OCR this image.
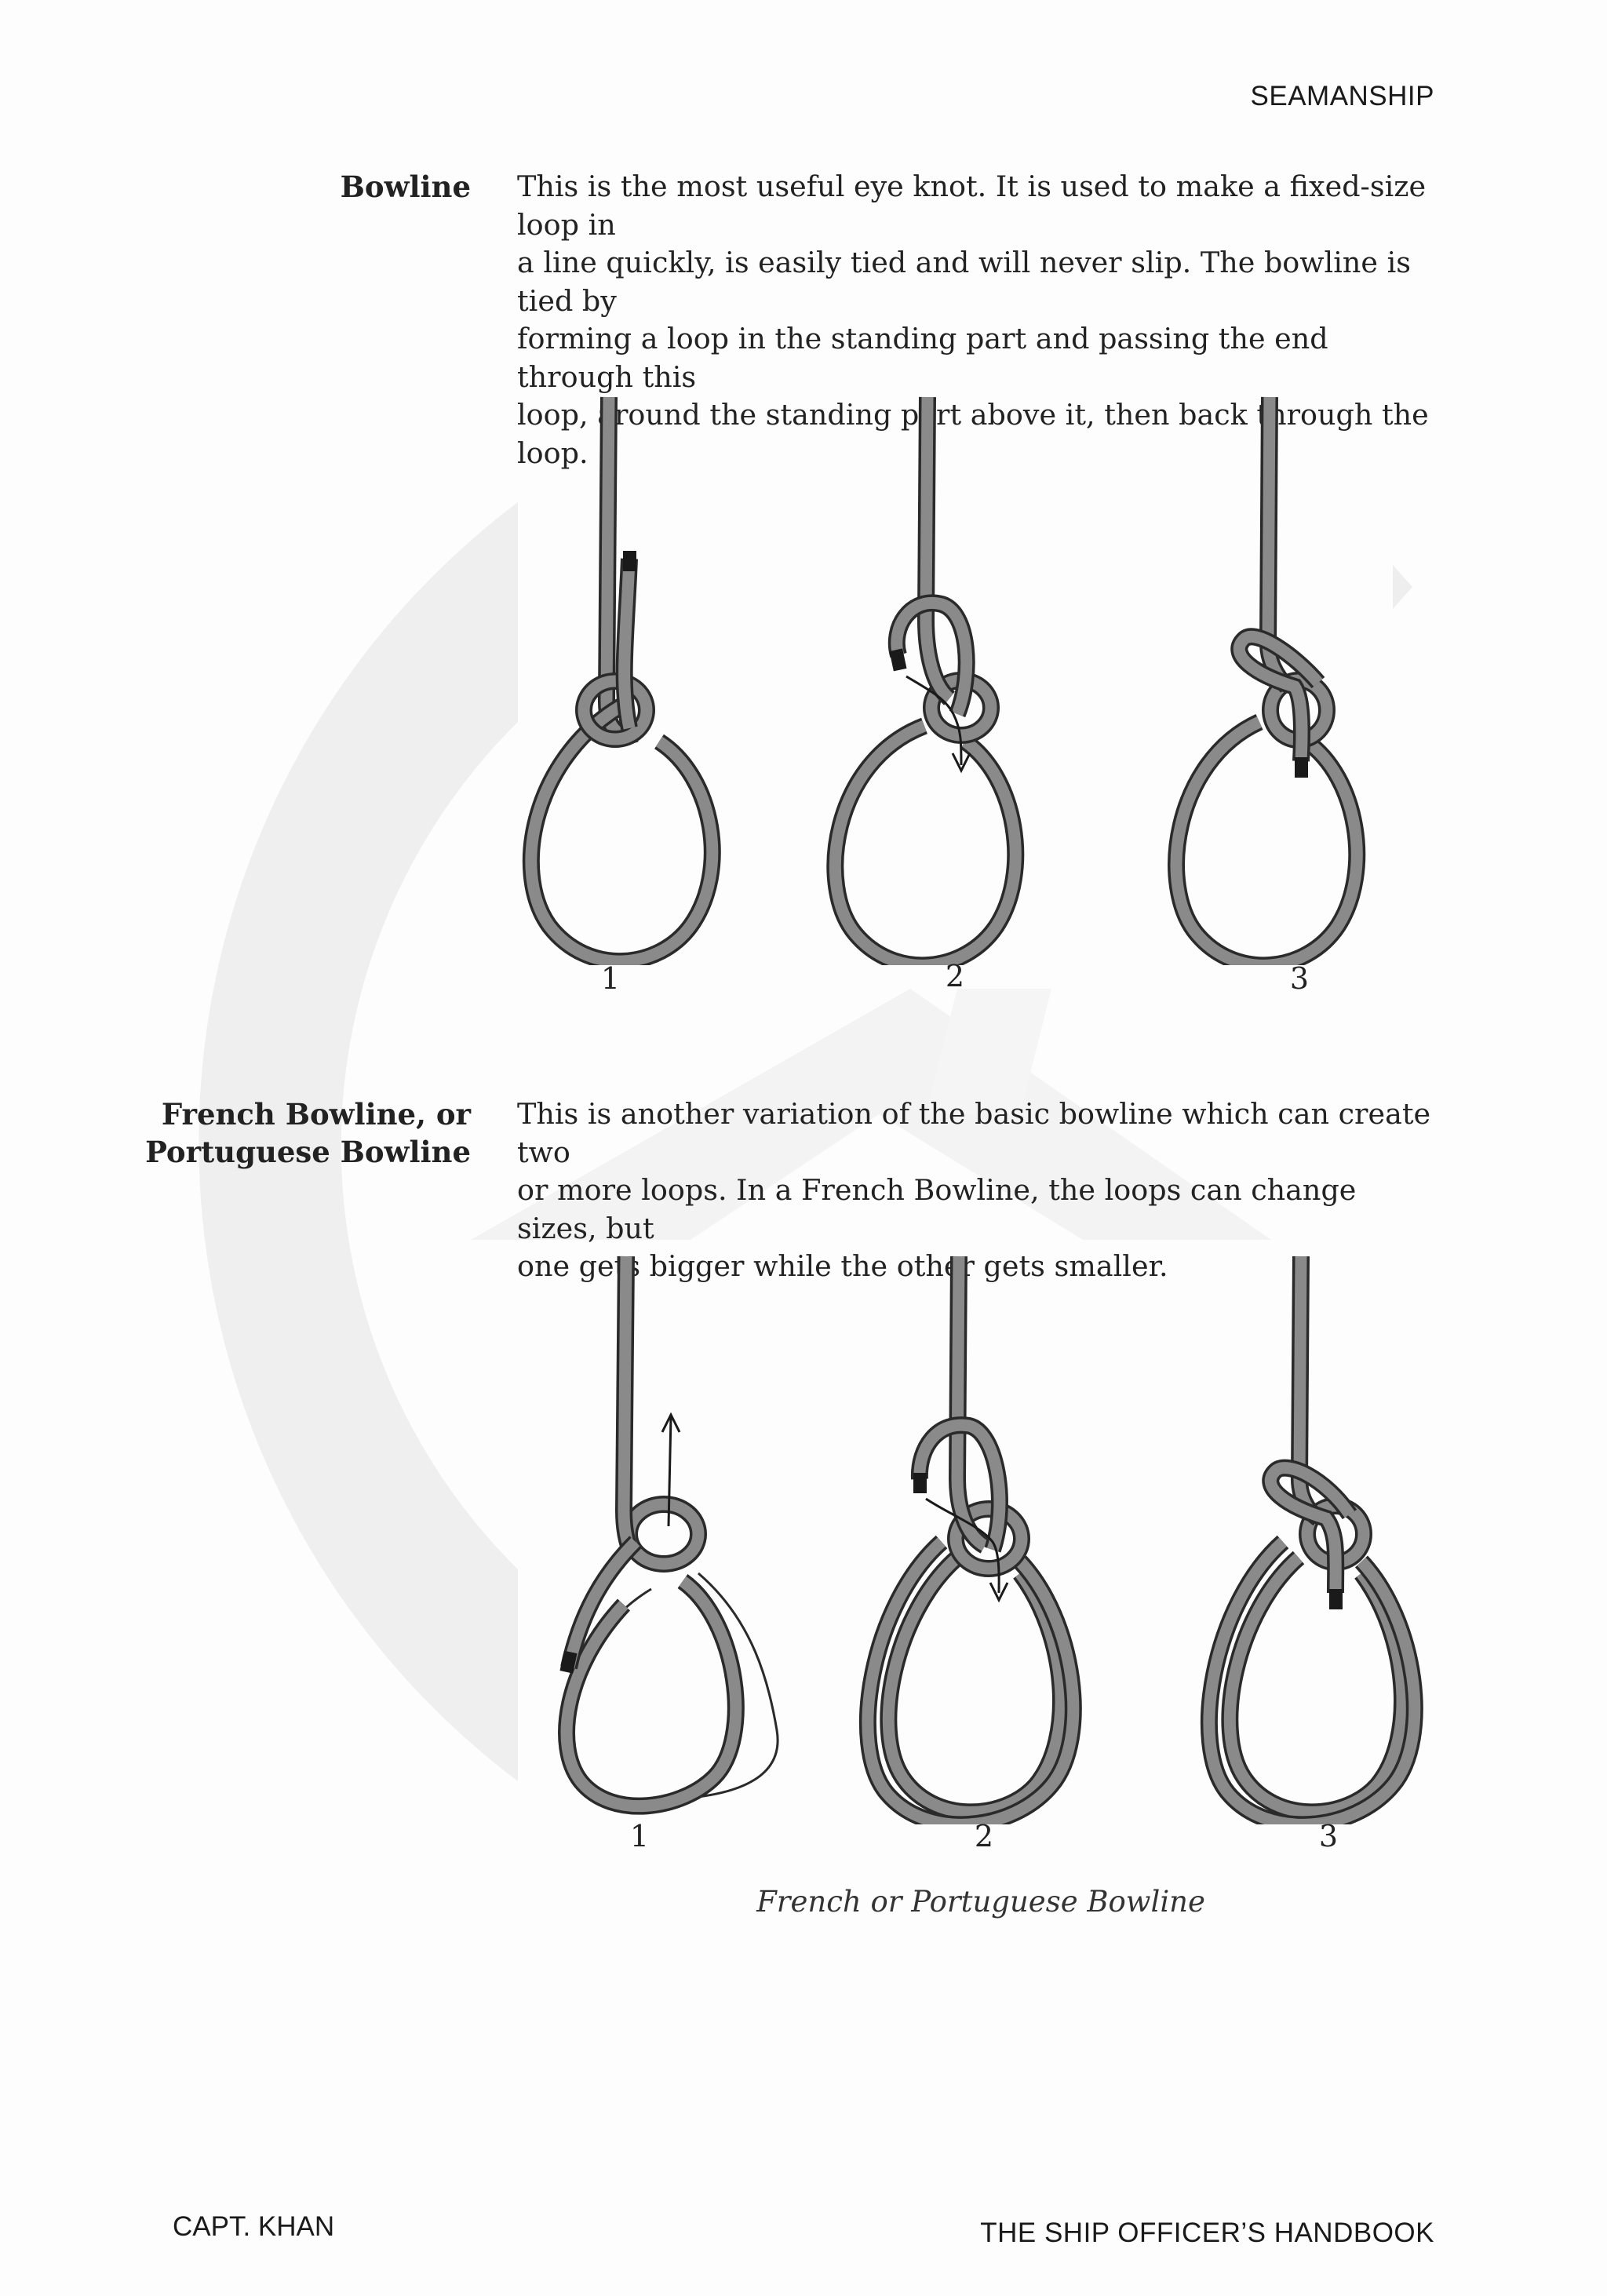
SEAMANSHIP
Bowline This is the most useful eye knot. It is used to make a fixed-size loop in
a line quickly, is easily tied and will never slip. The bowline is tied by
forming a loop in the standing part and passing the end through this
loop, around the standing part above it, then back through the loop.
1	2	3
French Bowline, or
Portuguese Bowline
This is another variation of the basic bowline which can create two
or more loops. In a French Bowline, the loops can change sizes, but
one gets bigger while the other gets smaller.
1	2	3
French or Portuguese Bowline
CAPT. KHAN	THE SHIP OFFICER’S HANDBOOK
